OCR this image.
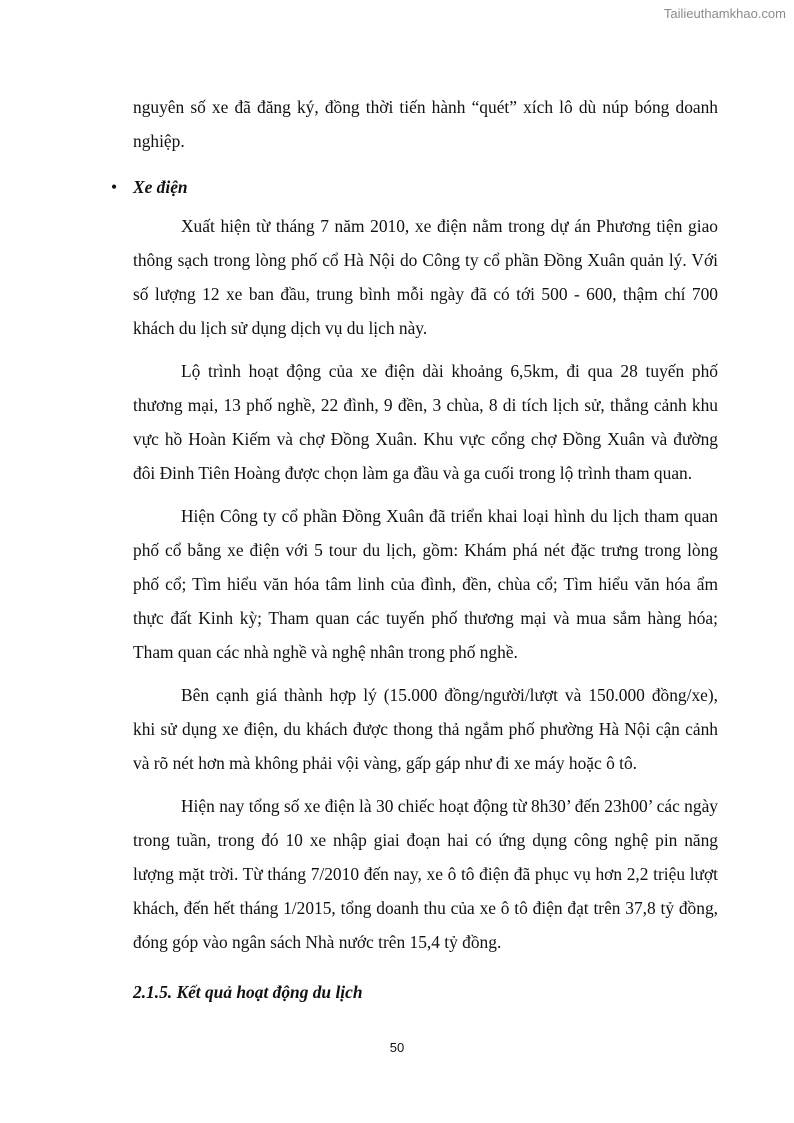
Tailieuthamkhao.com

nguyên số xe đã đăng ký, đồng thời tiến hành “quét” xích lô dù núp bóng doanh nghiệp.

• Xe điện

Xuất hiện từ tháng 7 năm 2010, xe điện nằm trong dự án Phương tiện giao thông sạch trong lòng phố cổ Hà Nội do Công ty cổ phần Đồng Xuân quản lý. Với số lượng 12 xe ban đầu, trung bình mỗi ngày đã có tới 500 - 600, thậm chí 700 khách du lịch sử dụng dịch vụ du lịch này.

Lộ trình hoạt động của xe điện dài khoảng 6,5km, đi qua 28 tuyến phố thương mại, 13 phố nghề, 22 đình, 9 đền, 3 chùa, 8 di tích lịch sử, thắng cảnh khu vực hồ Hoàn Kiếm và chợ Đồng Xuân. Khu vực cổng chợ Đồng Xuân và đường đôi Đinh Tiên Hoàng được chọn làm ga đầu và ga cuối trong lộ trình tham quan.

Hiện Công ty cổ phần Đồng Xuân đã triển khai loại hình du lịch tham quan phố cổ bằng xe điện với 5 tour du lịch, gồm: Khám phá nét đặc trưng trong lòng phố cổ; Tìm hiểu văn hóa tâm linh của đình, đền, chùa cổ; Tìm hiểu văn hóa ẩm thực đất Kinh kỳ; Tham quan các tuyến phố thương mại và mua sắm hàng hóa; Tham quan các nhà nghề và nghệ nhân trong phố nghề.

Bên cạnh giá thành hợp lý (15.000 đồng/người/lượt và 150.000 đồng/xe), khi sử dụng xe điện, du khách được thong thả ngắm phố phường Hà Nội cận cảnh và rõ nét hơn mà không phải vội vàng, gấp gáp như đi xe máy hoặc ô tô.

Hiện nay tổng số xe điện là 30 chiếc hoạt động từ 8h30’ đến 23h00’ các ngày trong tuần, trong đó 10 xe nhập giai đoạn hai có ứng dụng công nghệ pin năng lượng mặt trời. Từ tháng 7/2010 đến nay, xe ô tô điện đã phục vụ hơn 2,2 triệu lượt khách, đến hết tháng 1/2015, tổng doanh thu của xe ô tô điện đạt trên 37,8 tỷ đồng, đóng góp vào ngân sách Nhà nước trên 15,4 tỷ đồng.

2.1.5. Kết quả hoạt động du lịch
50
